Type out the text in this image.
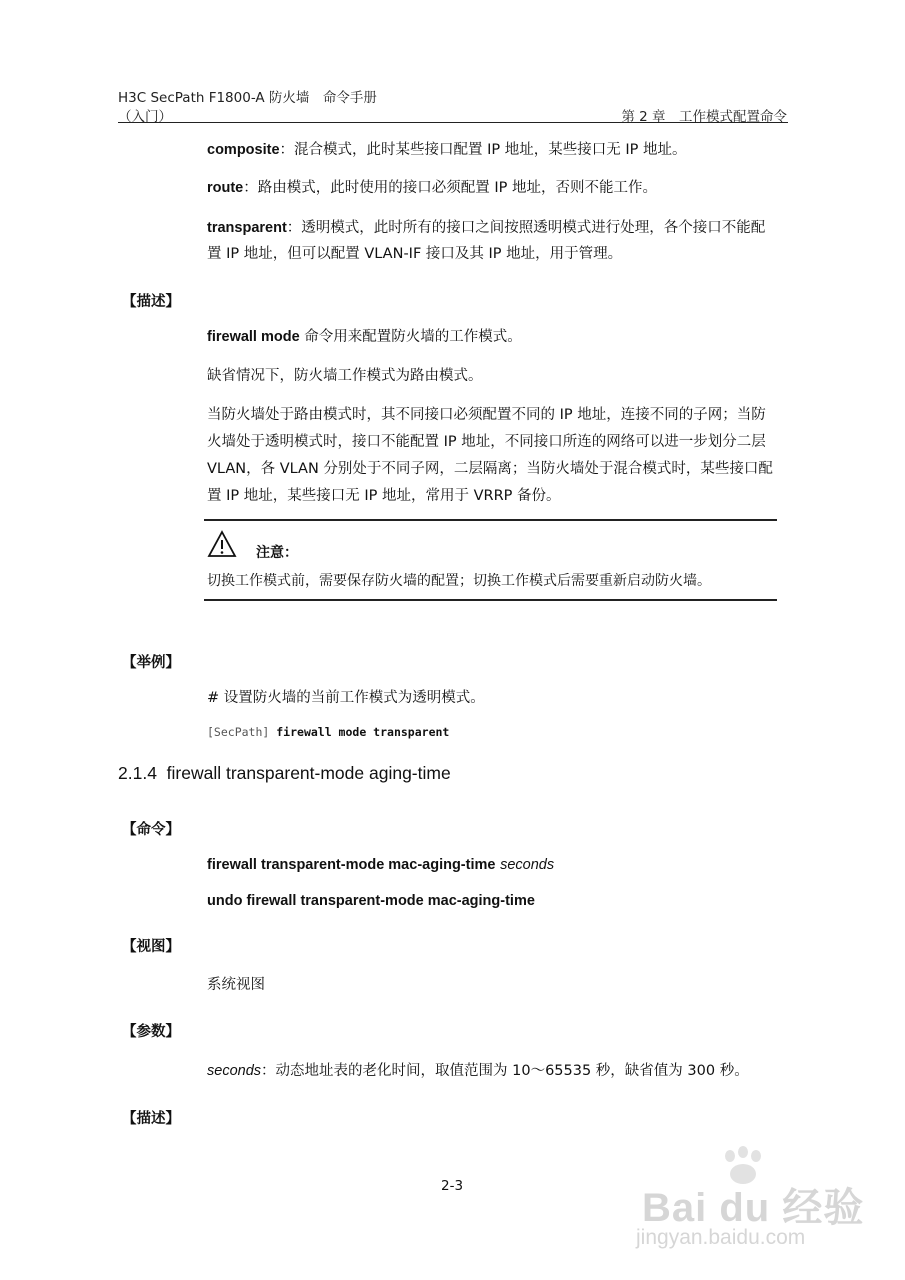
H3C SecPath F1800-A 防火墙　命令手册
（入门）	第 2 章　工作模式配置命令
composite：混合模式，此时某些接口配置 IP 地址，某些接口无 IP 地址。
route：路由模式，此时使用的接口必须配置 IP 地址，否则不能工作。
transparent：透明模式，此时所有的接口之间按照透明模式进行处理，各个接口不能配置 IP 地址，但可以配置 VLAN-IF 接口及其 IP 地址，用于管理。
【描述】
firewall mode 命令用来配置防火墙的工作模式。
缺省情况下，防火墙工作模式为路由模式。
当防火墙处于路由模式时，其不同接口必须配置不同的 IP 地址，连接不同的子网；当防火墙处于透明模式时，接口不能配置 IP 地址，不同接口所连的网络可以进一步划分二层 VLAN，各 VLAN 分别处于不同子网，二层隔离；当防火墙处于混合模式时，某些接口配置 IP 地址，某些接口无 IP 地址，常用于 VRRP 备份。
注意：
切换工作模式前，需要保存防火墙的配置；切换工作模式后需要重新启动防火墙。
【举例】
# 设置防火墙的当前工作模式为透明模式。
[SecPath] firewall mode transparent
2.1.4 firewall transparent-mode aging-time
【命令】
firewall transparent-mode mac-aging-time seconds
undo firewall transparent-mode mac-aging-time
【视图】
系统视图
【参数】
seconds：动态地址表的老化时间，取值范围为 10～65535 秒，缺省值为 300 秒。
【描述】
2-3	Bai du 经验
jingyan.baidu.com
